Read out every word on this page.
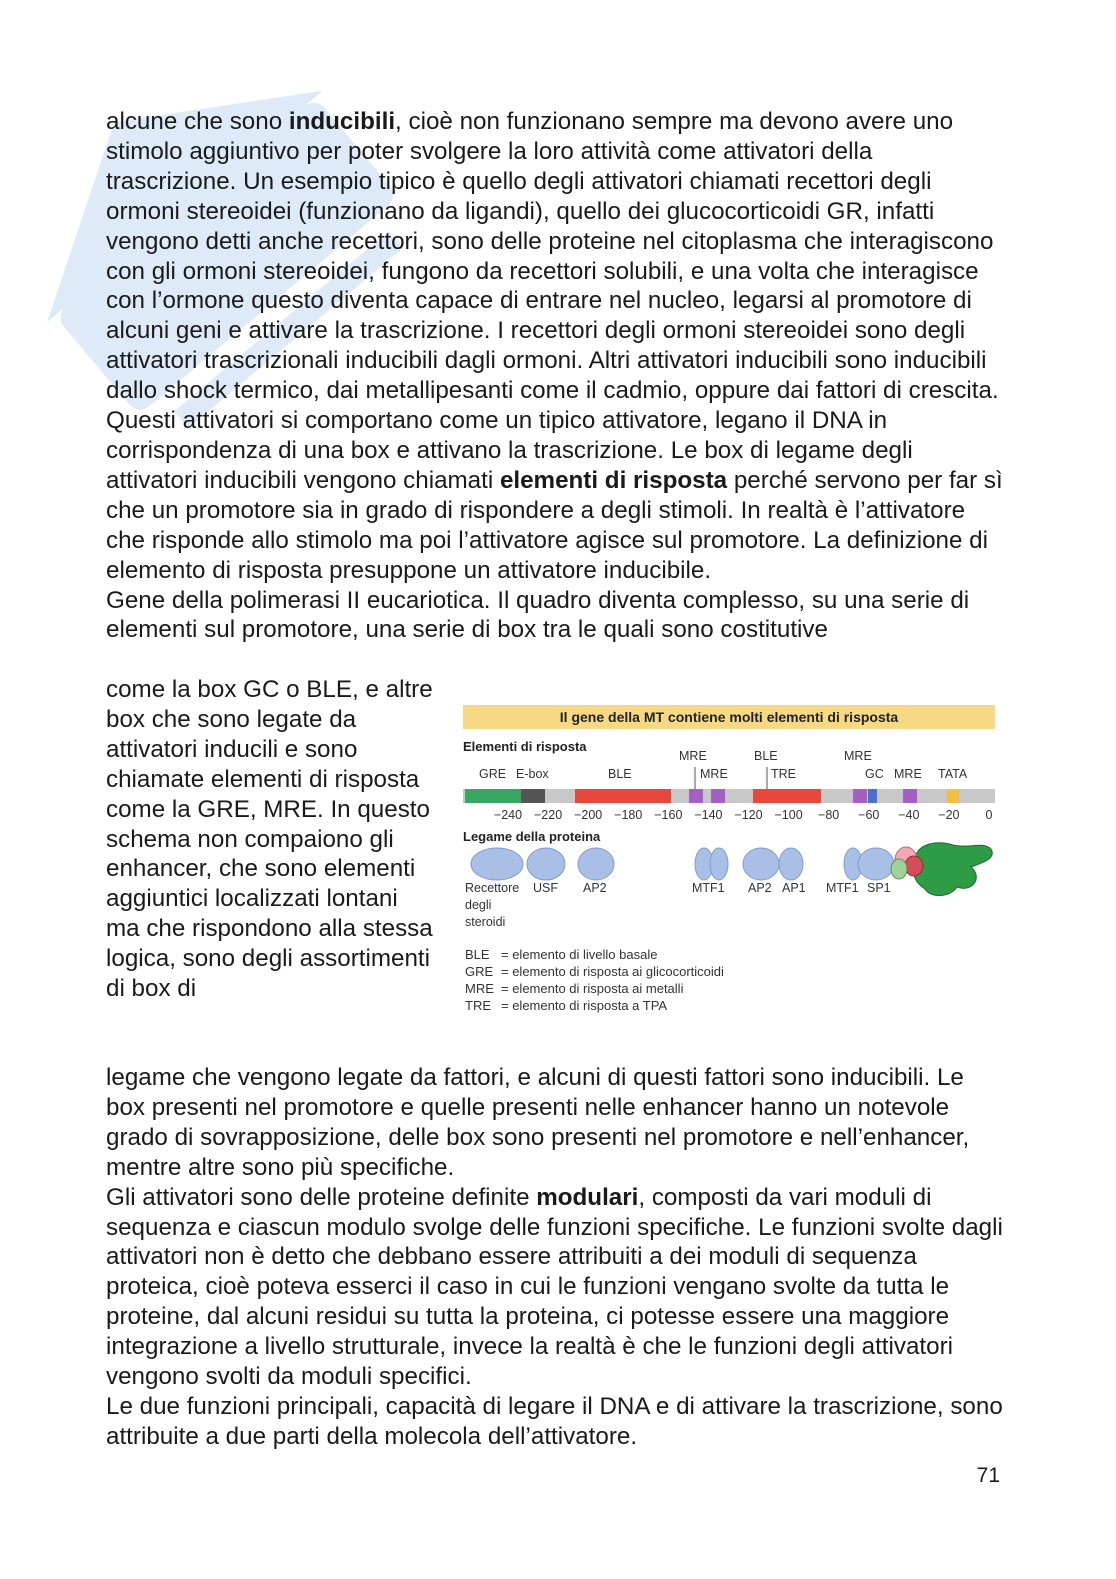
alcune che sono inducibili, cioè non funzionano sempre ma devono avere uno stimolo aggiuntivo per poter svolgere la loro attività come attivatori della trascrizione. Un esempio tipico è quello degli attivatori chiamati recettori degli ormoni stereoidei (funzionano da ligandi), quello dei glucocorticoidi GR, infatti vengono detti anche recettori, sono delle proteine nel citoplasma che interagiscono con gli ormoni stereoidei, fungono da recettori solubili, e una volta che interagisce con l’ormone questo diventa capace di entrare nel nucleo, legarsi al promotore di alcuni geni e attivare la trascrizione. I recettori degli ormoni stereoidei sono degli attivatori trascrizionali inducibili dagli ormoni. Altri attivatori inducibili sono inducibili dallo shock termico, dai metallipesanti come il cadmio, oppure dai fattori di crescita. Questi attivatori si comportano come un tipico attivatore, legano il DNA in corrispondenza di una box e attivano la trascrizione. Le box di legame degli attivatori inducibili vengono chiamati elementi di risposta perché servono per far sì che un promotore sia in grado di rispondere a degli stimoli. In realtà è l’attivatore che risponde allo stimolo ma poi l’attivatore agisce sul promotore. La definizione di elemento di risposta presuppone un attivatore inducibile.

Gene della polimerasi II eucariotica. Il quadro diventa complesso, su una serie di elementi sul promotore, una serie di box tra le quali sono costitutive

come la box GC o BLE, e altre box che sono legate da attivatori inducili e sono chiamate elementi di risposta come la GRE, MRE. In questo schema non compaiono gli enhancer, che sono elementi aggiuntici localizzati lontani ma che rispondono alla stessa logica, sono degli assortimenti di box di

Il gene della MT contiene molti elementi di risposta
Elementi di risposta
MRE	BLE	MRE
GRE E-box	BLE	MRE	TRE	GC MRE TATA
−240 −220 −200 −180 −160 −140 −120 −100 −80 −60 −40 −20 0
Legame della proteina
Recettore
degli
steroidi
USF AP2	MTF1 AP2 AP1 MTF1 SP1
BLE = elemento di livello basale
GRE = elemento di risposta ai glicocorticoidi
MRE = elemento di risposta ai metalli
TRE = elemento di risposta a TPA

legame che vengono legate da fattori, e alcuni di questi fattori sono inducibili. Le box presenti nel promotore e quelle presenti nelle enhancer hanno un notevole grado di sovrapposizione, delle box sono presenti nel promotore e nell’enhancer, mentre altre sono più specifiche.

Gli attivatori sono delle proteine definite modulari, composti da vari moduli di sequenza e ciascun modulo svolge delle funzioni specifiche. Le funzioni svolte dagli attivatori non è detto che debbano essere attribuiti a dei moduli di sequenza proteica, cioè poteva esserci il caso in cui le funzioni vengano svolte da tutta le proteine, dal alcuni residui su tutta la proteina, ci potesse essere una maggiore integrazione a livello strutturale, invece la realtà è che le funzioni degli attivatori vengono svolti da moduli specifici.

Le due funzioni principali, capacità di legare il DNA e di attivare la trascrizione, sono attribuite a due parti della molecola dell’attivatore.

71
